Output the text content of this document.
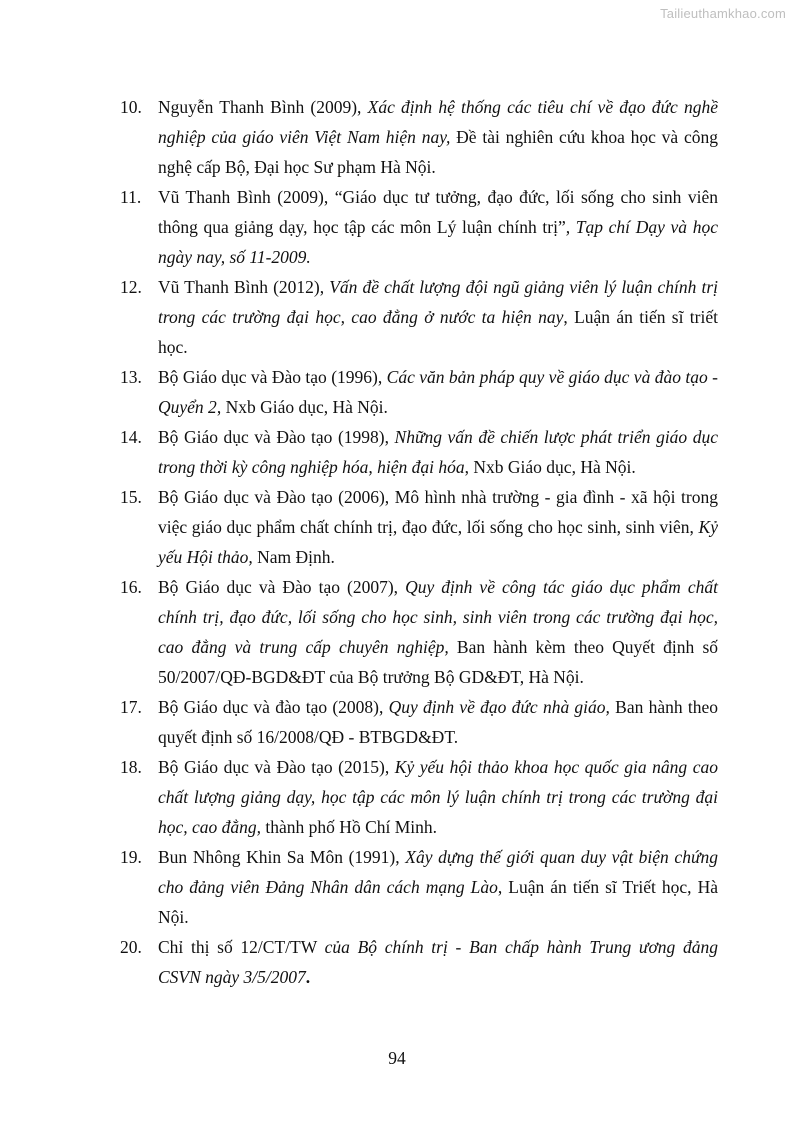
Tailieuthamkhao.com
10. Nguyễn Thanh Bình (2009), Xác định hệ thống các tiêu chí về đạo đức nghề nghiệp của giáo viên Việt Nam hiện nay, Đề tài nghiên cứu khoa học và công nghệ cấp Bộ, Đại học Sư phạm Hà Nội.
11. Vũ Thanh Bình (2009), “Giáo dục tư tưởng, đạo đức, lối sống cho sinh viên thông qua giảng dạy, học tập các môn Lý luận chính trị”, Tạp chí Dạy và học ngày nay, số 11-2009.
12. Vũ Thanh Bình (2012), Vấn đề chất lượng đội ngũ giảng viên lý luận chính trị trong các trường đại học, cao đẳng ở nước ta hiện nay, Luận án tiến sĩ triết học.
13. Bộ Giáo dục và Đào tạo (1996), Các văn bản pháp quy về giáo dục và đào tạo - Quyển 2, Nxb Giáo dục, Hà Nội.
14. Bộ Giáo dục và Đào tạo (1998), Những vấn đề chiến lược phát triển giáo dục trong thời kỳ công nghiệp hóa, hiện đại hóa, Nxb Giáo dục, Hà Nội.
15. Bộ Giáo dục và Đào tạo (2006), Mô hình nhà trường - gia đình - xã hội trong việc giáo dục phẩm chất chính trị, đạo đức, lối sống cho học sinh, sinh viên, Kỷ yếu Hội thảo, Nam Định.
16. Bộ Giáo dục và Đào tạo (2007), Quy định về công tác giáo dục phẩm chất chính trị, đạo đức, lối sống cho học sinh, sinh viên trong các trường đại học, cao đẳng và trung cấp chuyên nghiệp, Ban hành kèm theo Quyết định số 50/2007/QĐ-BGD&ĐT của Bộ trưởng Bộ GD&ĐT, Hà Nội.
17. Bộ Giáo dục và đào tạo (2008), Quy định về đạo đức nhà giáo, Ban hành theo quyết định số 16/2008/QĐ - BTBGD&ĐT.
18. Bộ Giáo dục và Đào tạo (2015), Kỷ yếu hội thảo khoa học quốc gia nâng cao chất lượng giảng dạy, học tập các môn lý luận chính trị trong các trường đại học, cao đẳng, thành phố Hồ Chí Minh.
19. Bun Nhông Khin Sa Môn (1991), Xây dựng thế giới quan duy vật biện chứng cho đảng viên Đảng Nhân dân cách mạng Lào, Luận án tiến sĩ Triết học, Hà Nội.
20. Chỉ thị số 12/CT/TW của Bộ chính trị - Ban chấp hành Trung ương đảng CSVN ngày 3/5/2007.
94
